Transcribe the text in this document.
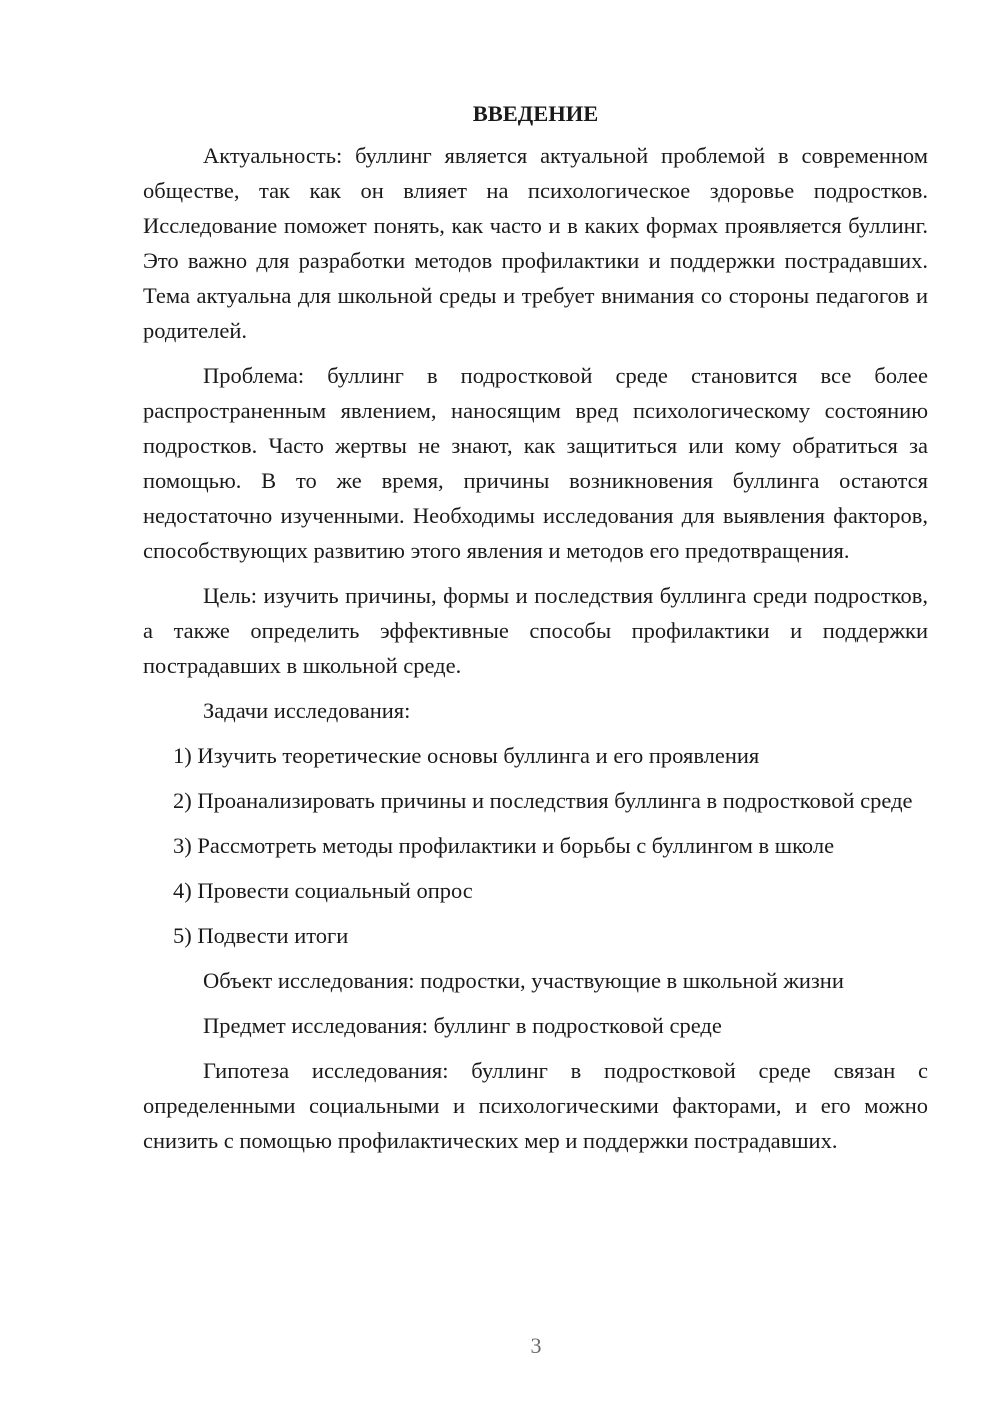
ВВЕДЕНИЕ

Актуальность: буллинг является актуальной проблемой в современном обществе, так как он влияет на психологическое здоровье подростков. Исследование поможет понять, как часто и в каких формах проявляется буллинг. Это важно для разработки методов профилактики и поддержки пострадавших. Тема актуальна для школьной среды и требует внимания со стороны педагогов и родителей.

Проблема: буллинг в подростковой среде становится все более распространенным явлением, наносящим вред психологическому состоянию подростков. Часто жертвы не знают, как защититься или кому обратиться за помощью. В то же время, причины возникновения буллинга остаются недостаточно изученными. Необходимы исследования для выявления факторов, способствующих развитию этого явления и методов его предотвращения.

Цель: изучить причины, формы и последствия буллинга среди подростков, а также определить эффективные способы профилактики и поддержки пострадавших в школьной среде.

Задачи исследования:
1) Изучить теоретические основы буллинга и его проявления
2) Проанализировать причины и последствия буллинга в подростковой среде
3) Рассмотреть методы профилактики и борьбы с буллингом в школе
4) Провести социальный опрос
5) Подвести итоги
Объект исследования: подростки, участвующие в школьной жизни
Предмет исследования: буллинг в подростковой среде

Гипотеза исследования: буллинг в подростковой среде связан с определенными социальными и психологическими факторами, и его можно снизить с помощью профилактических мер и поддержки пострадавших.

3
